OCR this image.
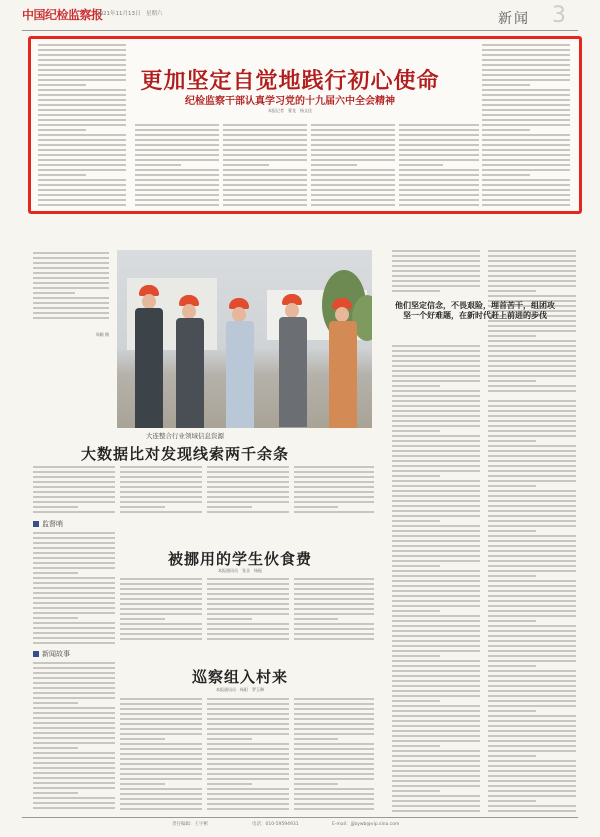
中国纪检监察报
2021年11月13日　星期六	新闻 3
更加坚定自觉地践行初心使命
纪检监察干部认真学习党的十九届六中全会精神
本报记者　曹龙　杨文佳
周颖 摄
大连整合行业领域信息资源
大数据比对发现线索两千余条
监督哨
被挪用的学生伙食费
本报通讯员　张圣　杨振
新闻故事
巡察组入村来
本报通讯员　杨阳　罗玉琳
他们坚定信念，不畏艰险，埋首苦干，组团攻坚一个好难题，在新时代赶上前进的步伐
责任编辑：王宇彬	电话：010-59594931	E-mail：jjjbywb@vip.sina.com
